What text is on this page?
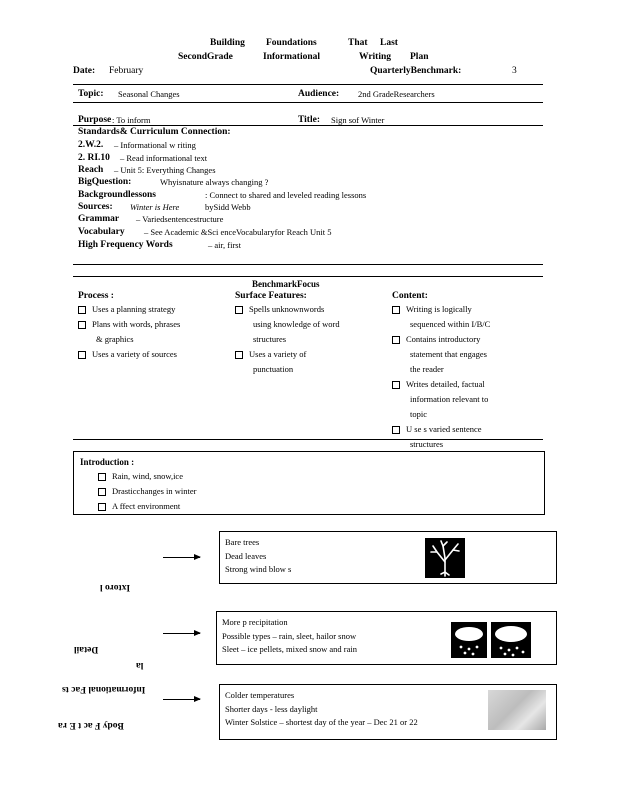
Building Foundations	That Last
SecondGrade	Informational	Writing Plan
Date: February	QuarterlyBenchmark:	3
Topic: Seasonal Changes	Audience: 2nd GradeResearchers
Purpose : To inform	Title: Sign sof Winter
Standards& Curriculum Connection:
2.W.2. – Informational w riting
2. RI.10 – Read informational text
Reach – Unit 5: Everything Changes
BigQuestion:	Whyisnature always changing ?
Backgroundlessons	: Connect to shared and leveled reading lessons
Sources: Winter is Here	bySidd Webb
Grammar – Variedsentencestructure
Vocabulary – See Academic &Sci enceVocabularyfor Reach Unit 5
High Frequency Words	– air, first
BenchmarkFocus
Process :
Uses a planning strategy
Plans with words, phrases
& graphics
Uses a variety of sources
Surface Features:
Spells unknownwords
using knowledge of word
structures
Uses a variety of
punctuation
Content:
Writing is logically
sequenced within I/B/C
Contains introductory
statement that engages
the reader
Writes detailed, factual
information relevant to
topic
U se s varied sentence
structures
Introduction :
Rain, wind, snow,ice
Drasticchanges in winter
A ffect environment
Bare trees
Dead leaves
Strong wind blow s
More p recipitation
Possible types – rain, sleet, hailor snow
Sleet – ice pellets, mixed snow and rain
Colder temperatures
Shorter days - less daylight
Winter Solstice – shortest day of the year – Dec 21 or 22
Body F ac t E ra
Informational Fac ts
la
Detail
Ixtoro l
